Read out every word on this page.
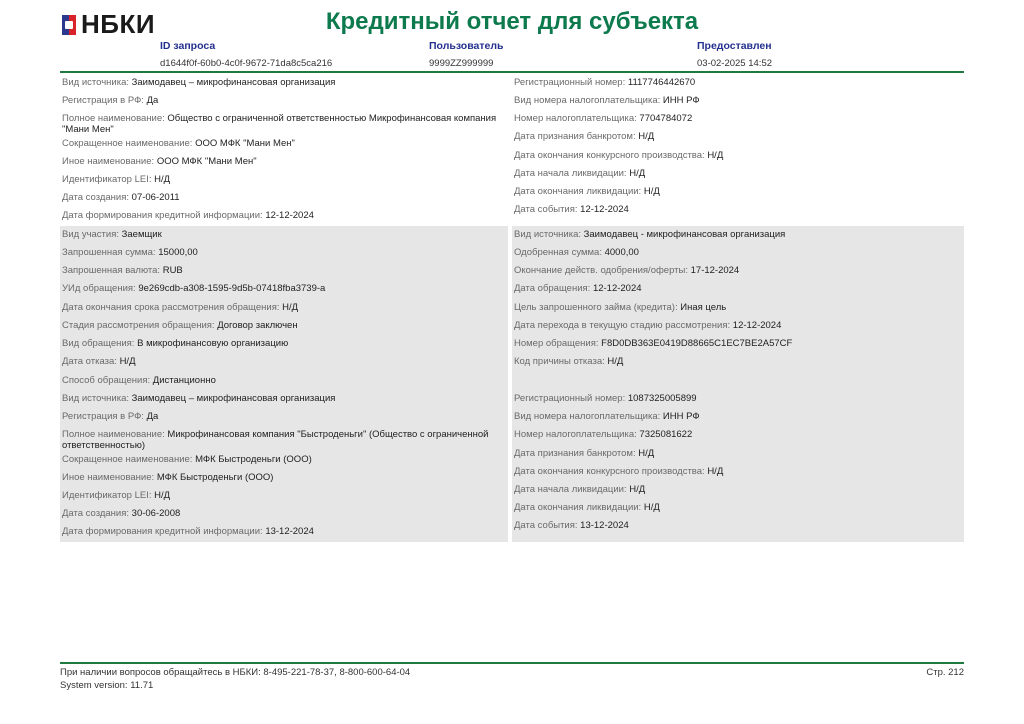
НБКИ	Кредитный отчет для субъекта
ID запроса
d1644f0f-60b0-4c0f-9672-71da8c5ca216
Пользователь
9999ZZ999999
Предоставлен
03-02-2025 14:52
Вид источника: Заимодавец – микрофинансовая организация
Регистрация в РФ: Да
Полное наименование: Общество с ограниченной ответственностью Микрофинансовая компания "Мани Мен"
Сокращенное наименование: ООО МФК "Мани Мен"
Иное наименование: ООО МФК "Мани Мен"
Идентификатор LEI: Н/Д
Дата создания: 07-06-2011
Дата формирования кредитной информации: 12-12-2024
Регистрационный номер: 1117746442670
Вид номера налогоплательщика: ИНН РФ
Номер налогоплательщика: 7704784072
Дата признания банкротом: Н/Д
Дата окончания конкурсного производства: Н/Д
Дата начала ликвидации: Н/Д
Дата окончания ликвидации: Н/Д
Дата события: 12-12-2024
Вид участия: Заемщик
Запрошенная сумма: 15000,00
Запрошенная валюта: RUB
УИд обращения: 9e269cdb-a308-1595-9d5b-07418fba3739-a
Дата окончания срока рассмотрения обращения: Н/Д
Стадия рассмотрения обращения: Договор заключен
Вид обращения: В микрофинансовую организацию
Дата отказа: Н/Д
Способ обращения: Дистанционно
Вид источника: Заимодавец – микрофинансовая организация
Регистрация в РФ: Да
Полное наименование: Микрофинансовая компания "Быстроденьги" (Общество с ограниченной ответственностью)
Сокращенное наименование: МФК Быстроденьги (ООО)
Иное наименование: МФК Быстроденьги (ООО)
Идентификатор LEI: Н/Д
Дата создания: 30-06-2008
Дата формирования кредитной информации: 13-12-2024
Вид источника: Заимодавец - микрофинансовая организация
Одобренная сумма: 4000,00
Окончание действ. одобрения/оферты: 17-12-2024
Дата обращения: 12-12-2024
Цель запрошенного займа (кредита): Иная цель
Дата перехода в текущую стадию рассмотрения: 12-12-2024
Номер обращения: F8D0DB363E0419D88665C1EC7BE2A57CF
Код причины отказа: Н/Д
Регистрационный номер: 1087325005899
Вид номера налогоплательщика: ИНН РФ
Номер налогоплательщика: 7325081622
Дата признания банкротом: Н/Д
Дата окончания конкурсного производства: Н/Д
Дата начала ликвидации: Н/Д
Дата окончания ликвидации: Н/Д
Дата события: 13-12-2024
При наличии вопросов обращайтесь в НБКИ: 8-495-221-78-37, 8-800-600-64-04
System version: 11.71
Стр. 212
